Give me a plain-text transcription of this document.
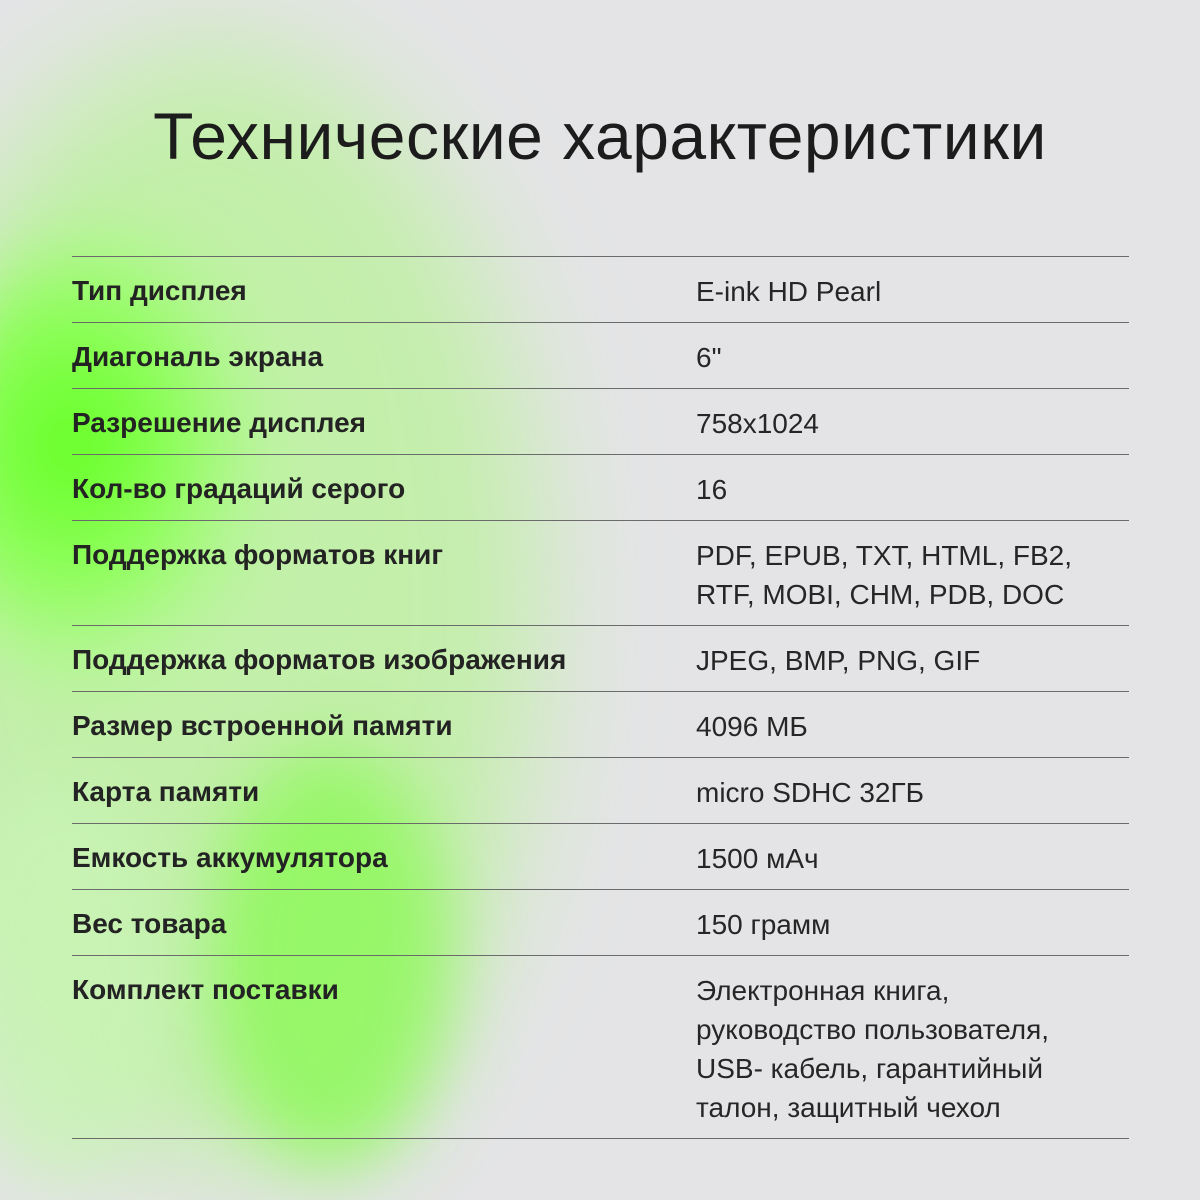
Технические характеристики
Тип дисплея	E-ink HD Pearl
Диагональ экрана	6"
Разрешение дисплея	758x1024
Кол-во градаций серого	16
Поддержка форматов книг	PDF, EPUB, TXT, HTML, FB2,
RTF, MOBI, CHM, PDB, DOC
Поддержка форматов изображения	JPEG, BMP, PNG, GIF
Размер встроенной памяти	4096 МБ
Карта памяти	micro SDHC 32ГБ
Емкость аккумулятора	1500 мАч
Вес товара	150 грамм
Комплект поставки	Электронная книга,
руководство пользователя,
USB- кабель, гарантийный
талон, защитный чехол
